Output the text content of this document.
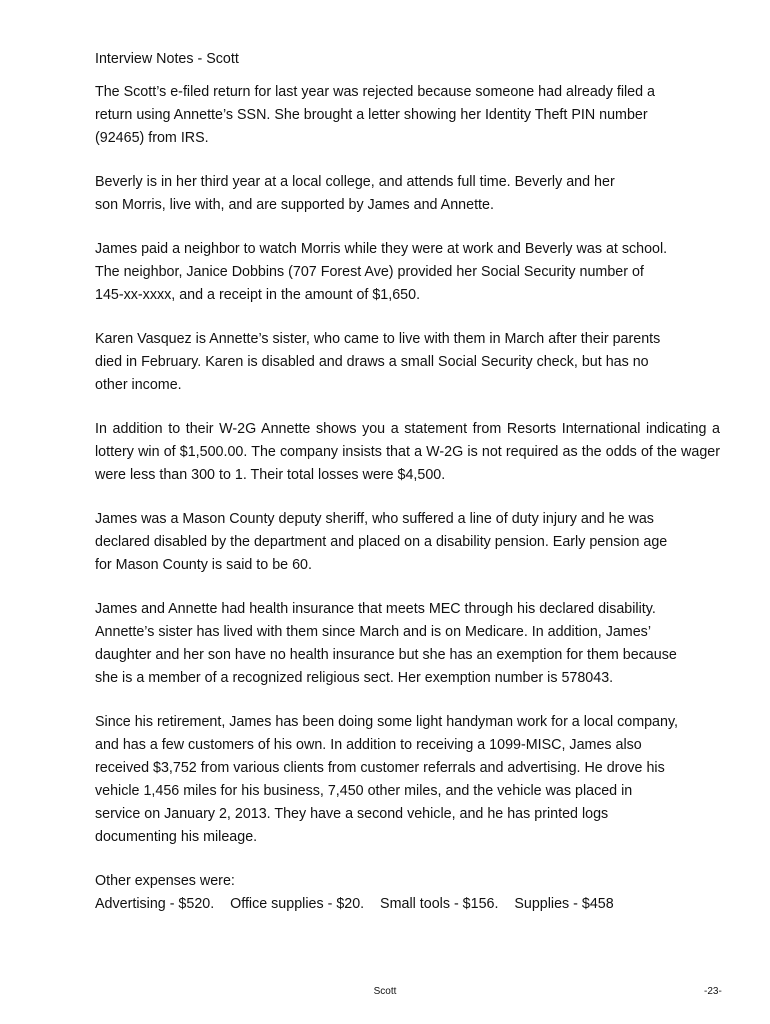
Interview Notes - Scott
The Scott’s e-filed return for last year was rejected because someone had already filed a
return using Annette’s SSN. She brought a letter showing her Identity Theft PIN number
(92465) from IRS.
Beverly is in her third year at a local college, and attends full time. Beverly and her
son Morris, live with, and are supported by James and Annette.
James paid a neighbor to watch Morris while they were at work and Beverly was at school.
The neighbor, Janice Dobbins (707 Forest Ave) provided her Social Security number of
145-xx-xxxx, and a receipt in the amount of $1,650.
Karen Vasquez is Annette’s sister, who came to live with them in March after their parents
died in February. Karen is disabled and draws a small Social Security check, but has no
other income.
In addition to their W-2G Annette shows you a statement from Resorts International indicating a lottery win of $1,500.00. The company insists that a W-2G is not required as the odds of the wager were less than 300 to 1. Their total losses were $4,500.
James was a Mason County deputy sheriff, who suffered a line of duty injury and he was
declared disabled by the department and placed on a disability pension. Early pension age
for Mason County is said to be 60.
James and Annette had health insurance that meets MEC through his declared disability.
Annette’s sister has lived with them since March and is on Medicare. In addition, James’
daughter and her son have no health insurance but she has an exemption for them because
she is a member of a recognized religious sect. Her exemption number is 578043.
Since his retirement, James has been doing some light handyman work for a local company,
and has a few customers of his own. In addition to receiving a 1099-MISC, James also
received $3,752 from various clients from customer referrals and advertising. He drove his
vehicle 1,456 miles for his business, 7,450 other miles, and the vehicle was placed in
service on January 2, 2013. They have a second vehicle, and he has printed logs
documenting his mileage.
Other expenses were:
Advertising - $520. Office supplies - $20. Small tools - $156. Supplies - $458
Scott	-23-
